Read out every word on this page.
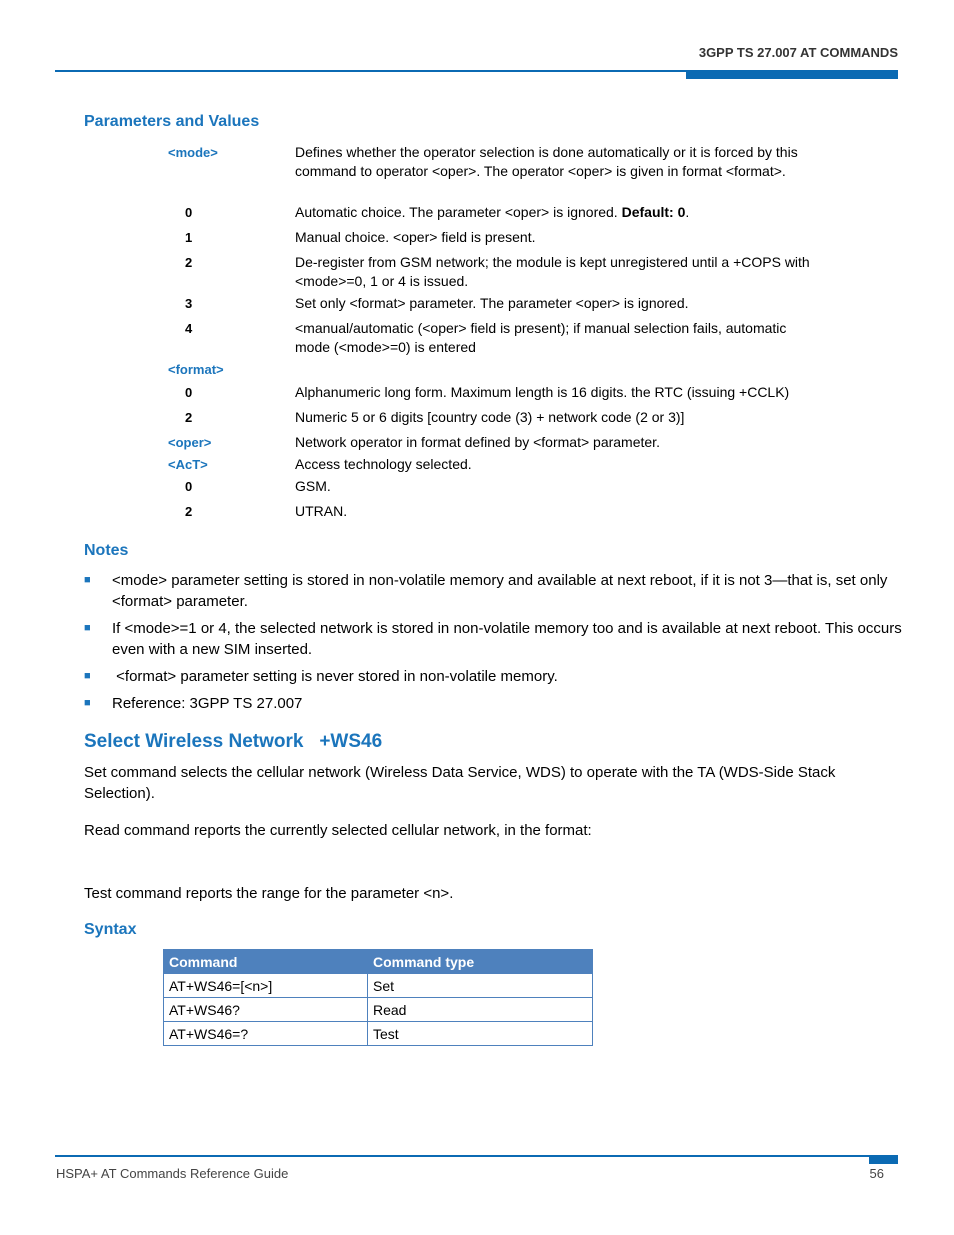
3GPP TS 27.007 AT COMMANDS
Parameters and Values
<mode>	Defines whether the operator selection is done automatically or it is forced by this command to operator <oper>. The operator <oper> is given in format <format>.
0	Automatic choice. The parameter <oper> is ignored. Default: 0.
1	Manual choice. <oper> field is present.
2	De-register from GSM network; the module is kept unregistered until a +COPS with <mode>=0, 1 or 4 is issued.
3	Set only <format> parameter. The parameter <oper> is ignored.
4	<manual/automatic (<oper> field is present); if manual selection fails, automatic mode (<mode>=0) is entered
<format>
0	Alphanumeric long form. Maximum length is 16 digits. the RTC (issuing +CCLK)
2	Numeric 5 or 6 digits [country code (3) + network code (2 or 3)]
<oper>	Network operator in format defined by <format> parameter.
<AcT>	Access technology selected.
0	GSM.
2	UTRAN.
Notes
■ <mode> parameter setting is stored in non-volatile memory and available at next reboot, if it is not 3—that is, set only <format> parameter.
■ If <mode>=1 or 4, the selected network is stored in non-volatile memory too and is available at next reboot. This occurs even with a new SIM inserted.
■ <format> parameter setting is never stored in non-volatile memory.
■ Reference: 3GPP TS 27.007
Select Wireless Network   +WS46
Set command selects the cellular network (Wireless Data Service, WDS) to operate with the TA (WDS-Side Stack Selection).
Read command reports the currently selected cellular network, in the format:
Test command reports the range for the parameter <n>.
Syntax
Command	Command type
AT+WS46=[<n>]	Set
AT+WS46?	Read
AT+WS46=?	Test
HSPA+ AT Commands Reference Guide	56
